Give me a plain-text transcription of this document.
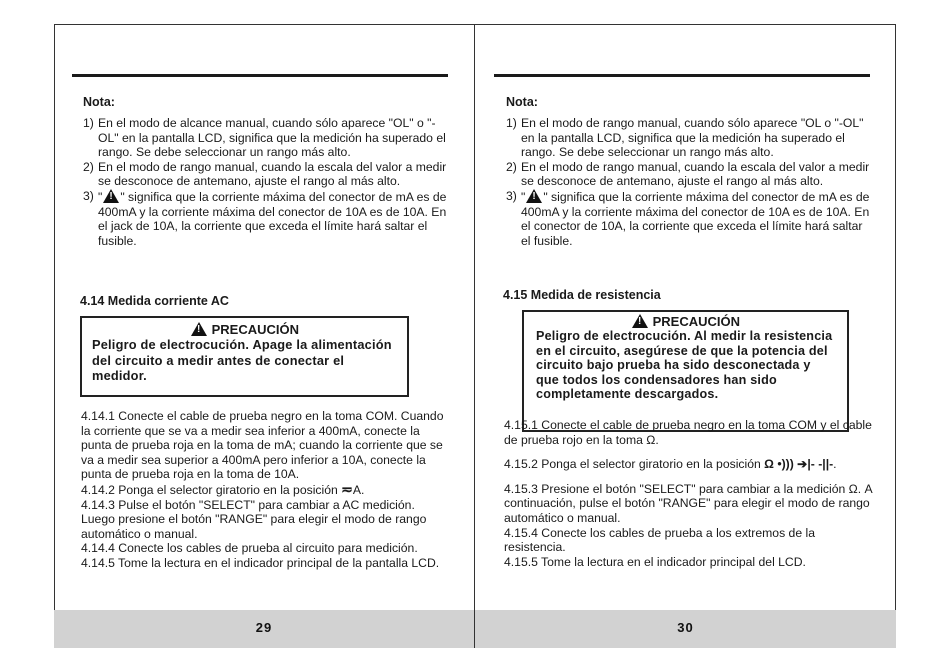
Nota:
1) En el modo de alcance manual, cuando sólo aparece "OL" o "-OL" en la pantalla LCD, significa que la medición ha superado el rango. Se debe seleccionar un rango más alto.
2) En el modo de rango manual, cuando la escala del valor a medir se desconoce de antemano, ajuste el rango al más alto.
3) " ! " significa que la corriente máxima del conector de mA es de 400mA y la corriente máxima del conector de 10A es de 10A. En el jack de 10A, la corriente que exceda el límite hará saltar el fusible.
4.14 Medida corriente AC
! PRECAUCIÓN
Peligro de electrocución. Apage la alimentación del circuito a medir antes de conectar el medidor.

4.14.1 Conecte el cable de prueba negro en la toma COM. Cuando la corriente que se va a medir sea inferior a 400mA, conecte la punta de prueba roja en la toma de mA; cuando la corriente que se va a medir sea superior a 400mA pero inferior a 10A, conecte la punta de prueba roja en la toma de 10A.

4.14.2 Ponga el selector giratorio en la posición ≂A.

4.14.3 Pulse el botón "SELECT" para cambiar a AC medición. Luego presione el botón "RANGE" para elegir el modo de rango automático o manual.

4.14.4 Conecte los cables de prueba al circuito para medición.

4.14.5 Tome la lectura en el indicador principal de la pantalla LCD.

29
Nota:
1) En el modo de rango manual, cuando sólo aparece "OL o "-OL" en la pantalla LCD, significa que la medición ha superado el rango. Se debe seleccionar un rango más alto.
2) En el modo de rango manual, cuando la escala del valor a medir se desconoce de antemano, ajuste el rango al más alto.
3) " ! " significa que la corriente máxima del conector de mA es de 400mA y la corriente máxima del conector de 10A es de 10A. En el conector de 10A, la corriente que exceda el límite hará saltar el fusible.
4.15 Medida de resistencia
! PRECAUCIÓN
Peligro de electrocución. Al medir la resistencia en el circuito, asegúrese de que la potencia del circuito bajo prueba ha sido desconectada y que todos los condensadores han sido completamente descargados.

4.15.1 Conecte el cable de prueba negro en la toma COM y el cable de prueba rojo en la toma Ω.

4.15.2 Ponga el selector giratorio en la posición Ω •))) ➔|- -||-.

4.15.3 Presione el botón "SELECT" para cambiar a la medición Ω. A continuación, pulse el botón "RANGE" para elegir el modo de rango automático o manual.

4.15.4 Conecte los cables de prueba a los extremos de la resistencia.

4.15.5 Tome la lectura en el indicador principal del LCD.

30
